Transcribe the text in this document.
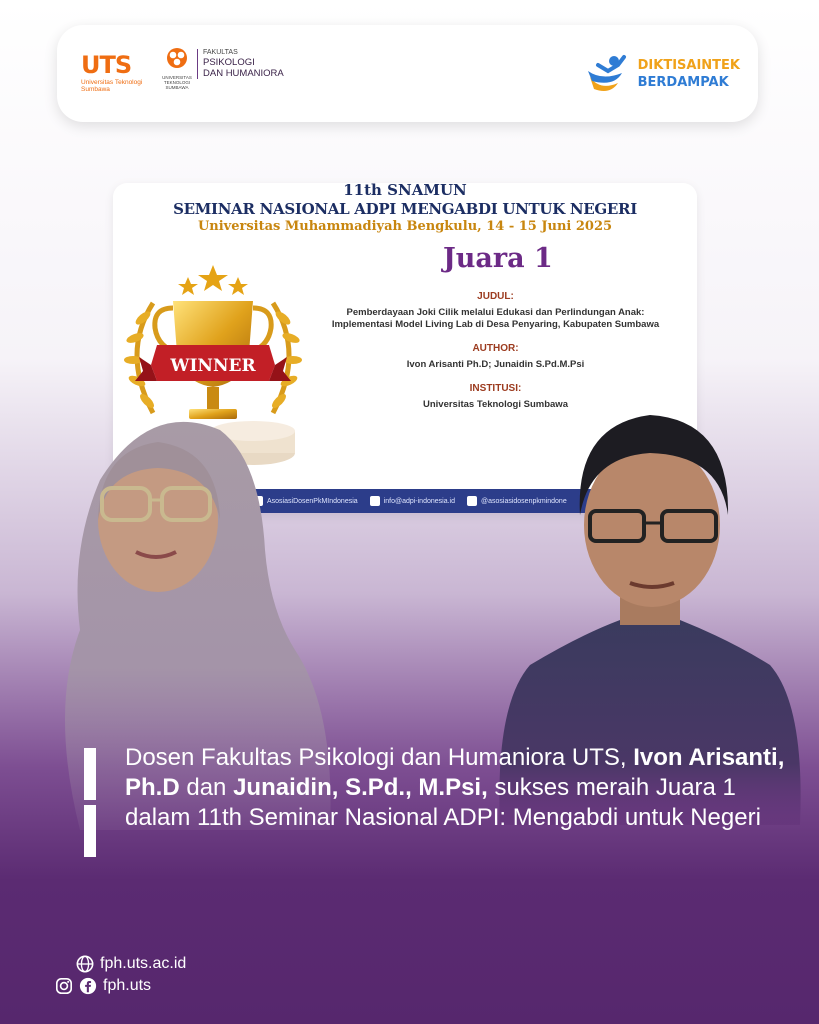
UTS
Universitas Teknologi Sumbawa
UNIVERSITAS TEKNOLOGI SUMBAWA
FAKULTAS
PSIKOLOGI
DAN HUMANIORA
DIKTISAINTEK
BERDAMPAK
11th SNAMUN
SEMINAR NASIONAL ADPI MENGABDI UNTUK NEGERI
Universitas Muhammadiyah Bengkulu, 14 - 15 Juni 2025
Juara 1
WINNER
JUDUL:
Pemberdayaan Joki Cilik melalui Edukasi dan Perlindungan Anak: Implementasi Model Living Lab di Desa Penyaring, Kabupaten Sumbawa
AUTHOR:
Ivon Arisanti Ph.D; Junaidin S.Pd.M.Psi
INSTITUSI:
Universitas Teknologi Sumbawa
AsosiasiDosenPkMIndonesia	info@adpi-indonesia.id	@asosiasidosenpkmindone
Dosen Fakultas Psikologi dan Humaniora UTS, Ivon Arisanti, Ph.D dan Junaidin, S.Pd., M.Psi, sukses meraih Juara 1 dalam 11th Seminar Nasional ADPI: Mengabdi untuk Negeri
fph.uts.ac.id
fph.uts
